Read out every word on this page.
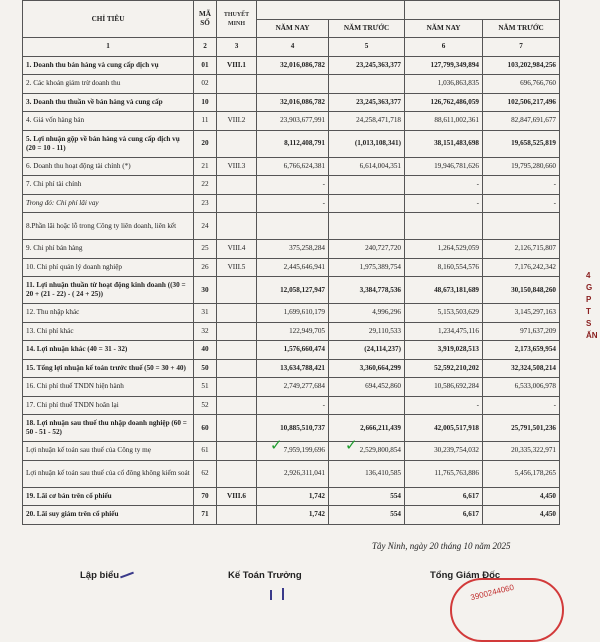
CHỈ TIÊU	MÃ SỐ	THUYẾT MINH				
			NĂM NAY	NĂM TRƯỚC	NĂM NAY	NĂM TRƯỚC
1	2	3	4	5	6	7
1. Doanh thu bán hàng và cung cấp dịch vụ	01	VIII.1	32,016,086,782	23,245,363,377	127,799,349,894	103,202,984,256
2. Các khoản giảm trừ doanh thu	02				1,036,863,835	696,766,760
3. Doanh thu thuần về bán hàng và cung cấp	10		32,016,086,782	23,245,363,377	126,762,486,059	102,506,217,496
4. Giá vốn hàng bán	11	VIII.2	23,903,677,991	24,258,471,718	88,611,002,361	82,847,691,677
5. Lợi nhuận gộp về bán hàng và cung cấp dịch vụ (20 = 10 - 11)	20		8,112,408,791	(1,013,108,341)	38,151,483,698	19,658,525,819
6. Doanh thu hoạt động tài chính (*)	21	VIII.3	6,766,624,381	6,614,004,351	19,946,781,626	19,795,280,660
7. Chi phí tài chính	22		-		-	-
Trong đó: Chi phí lãi vay	23		-		-	-
8.Phần lãi hoặc lỗ trong Công ty liên doanh, liên kết	24					
9. Chi phí bán hàng	25	VIII.4	375,258,284	240,727,720	1,264,529,059	2,126,715,807
10. Chi phí quản lý doanh nghiệp	26	VIII.5	2,445,646,941	1,975,389,754	8,160,554,576	7,176,242,342
11. Lợi nhuận thuần từ hoạt động kinh doanh ((30 = 20 + (21 - 22) - ( 24 + 25))	30		12,058,127,947	3,384,778,536	48,673,181,689	30,150,848,260
12. Thu nhập khác	31		1,699,610,179	4,996,296	5,153,503,629	3,145,297,163
13. Chi phí khác	32		122,949,705	29,110,533	1,234,475,116	971,637,209
14. Lợi nhuận khác (40 = 31 - 32)	40		1,576,660,474	(24,114,237)	3,919,028,513	2,173,659,954
15. Tổng lợi nhuận kế toán trước thuế (50 = 30 + 40)	50		13,634,788,421	3,360,664,299	52,592,210,202	32,324,508,214
16. Chi phí thuế TNDN hiện hành	51		2,749,277,684	694,452,860	10,586,692,284	6,533,006,978
17. Chi phí thuế TNDN hoãn lại	52		-		-	-
18. Lợi nhuận sau thuế thu nhập doanh nghiệp (60 = 50 - 51 - 52)	60		10,885,510,737	2,666,211,439	42,005,517,918	25,791,501,236
Lợi nhuận kế toán sau thuế của Công ty mẹ	61		7,959,199,696	2,529,800,854	30,239,754,032	20,335,322,971
Lợi nhuận kế toán sau thuế của cổ đông không kiểm soát	62		2,926,311,041	136,410,585	11,765,763,886	5,456,178,265
19. Lãi cơ bản trên cổ phiếu	70	VIII.6	1,742	554	6,617	4,450
20. Lãi suy giảm trên cổ phiếu	71		1,742	554	6,617	4,450
✓	✓
4
G
P
T
S
ẤN
Tây Ninh, ngày 20 tháng 10 năm 2025
Lập biểu	Kế Toán Trưởng	Tổng Giám Đốc
3900244060
